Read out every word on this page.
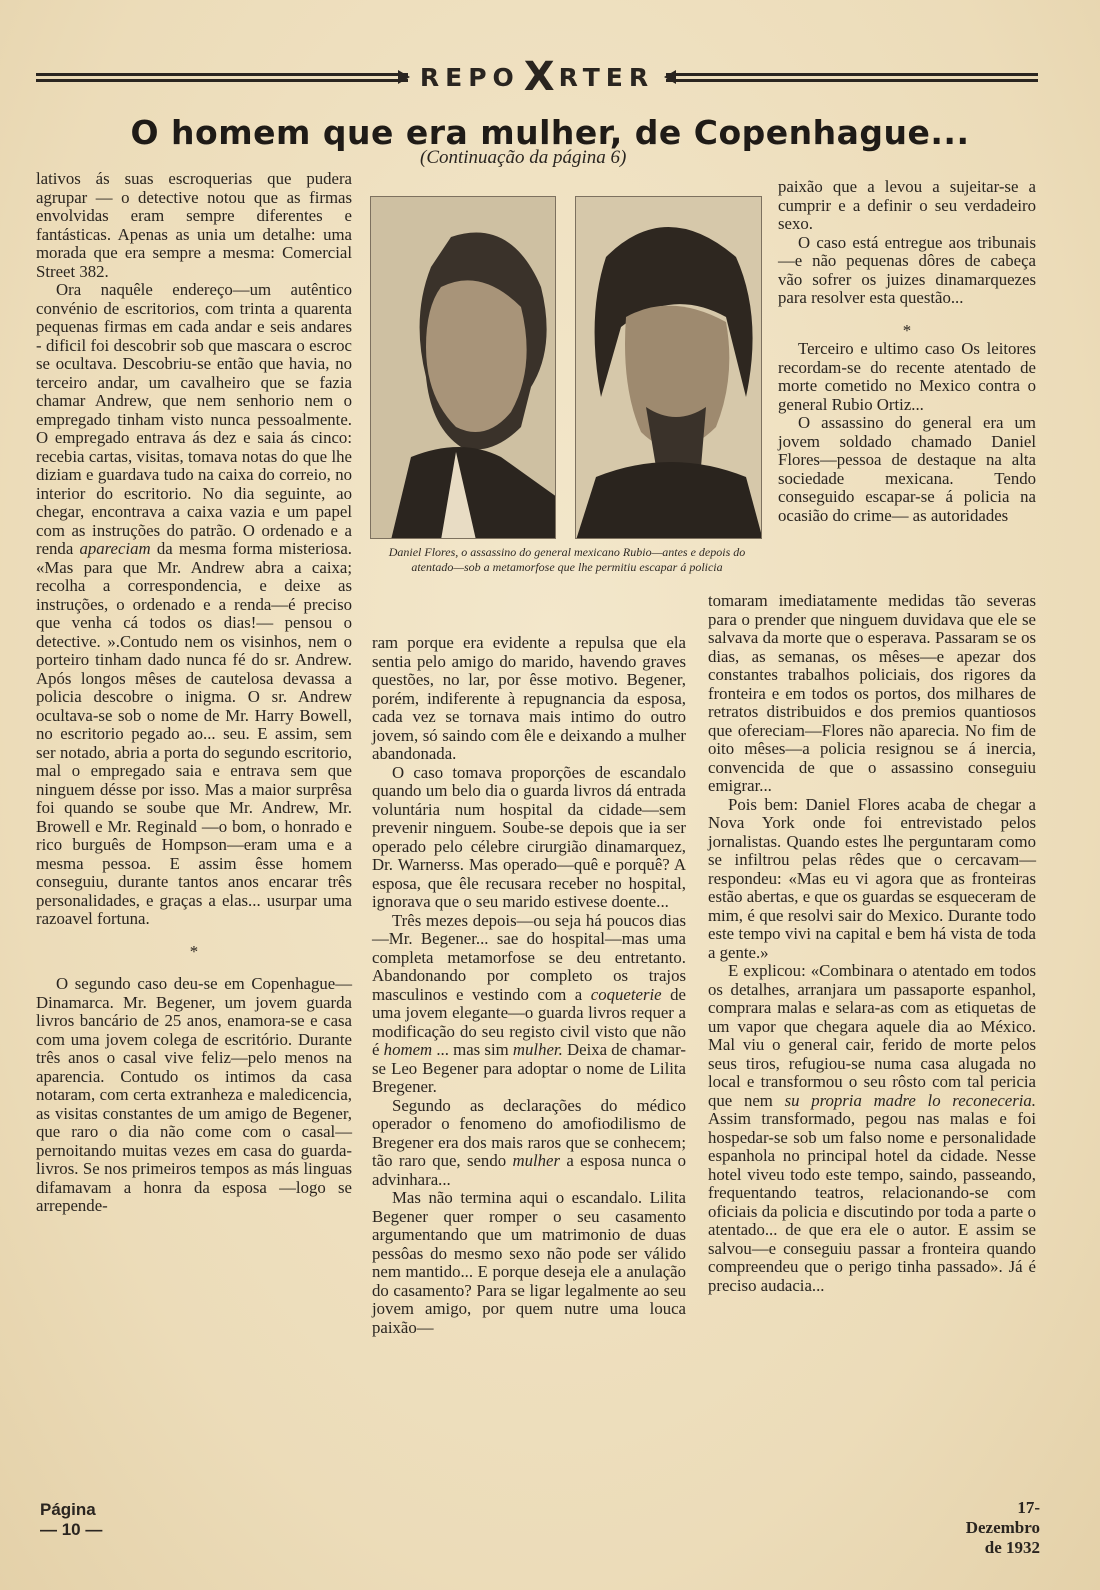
REPO X RTER
O homem que era mulher, de Copenhague...
(Continuação da página 6)

lativos ás suas escroquerias que pudera agrupar — o detective notou que as firmas envolvidas eram sempre diferentes e fantásticas. Apenas as unia um detalhe: uma morada que era sempre a mesma: Comercial Street 382.

Ora naquêle endereço—um autêntico convénio de escritorios, com trinta a quarenta pequenas firmas em cada andar e seis andares - dificil foi descobrir sob que mascara o escroc se ocultava. Descobriu-se então que havia, no terceiro andar, um cavalheiro que se fazia chamar Andrew, que nem senhorio nem o empregado tinham visto nunca pessoalmente. O empregado entrava ás dez e saia ás cinco: recebia cartas, visitas, tomava notas do que lhe diziam e guardava tudo na caixa do correio, no interior do escritorio. No dia seguinte, ao chegar, encontrava a caixa vazia e um papel com as instruções do patrão. O ordenado e a renda apareciam da mesma forma misteriosa. «Mas para que Mr. Andrew abra a caixa; recolha a correspondencia, e deixe as instruções, o ordenado e a renda—é preciso que venha cá todos os dias!— pensou o detective. ».Contudo nem os visinhos, nem o porteiro tinham dado nunca fé do sr. Andrew. Após longos mêses de cautelosa devassa a policia descobre o inigma. O sr. Andrew ocultava-se sob o nome de Mr. Harry Bowell, no escritorio pegado ao... seu. E assim, sem ser notado, abria a porta do segundo escritorio, mal o empregado saia e entrava sem que ninguem désse por isso. Mas a maior surprêsa foi quando se soube que Mr. Andrew, Mr. Browell e Mr. Reginald —o bom, o honrado e rico burguês de Hompson—eram uma e a mesma pessoa. E assim êsse homem conseguiu, durante tantos anos encarar três personalidades, e graças a elas... usurpar uma razoavel fortuna.

*

O segundo caso deu-se em Copenhague—Dinamarca. Mr. Begener, um jovem guarda livros bancário de 25 anos, enamora-se e casa com uma jovem colega de escritório. Durante três anos o casal vive feliz—pelo menos na aparencia. Contudo os intimos da casa notaram, com certa extranheza e maledicencia, as visitas constantes de um amigo de Begener, que raro o dia não come com o casal—pernoitando muitas vezes em casa do guarda-livros. Se nos primeiros tempos as más linguas difamavam a honra da esposa —logo se arrepende-

Daniel Flores, o assassino do general mexicano Rubio—antes e depois do atentado—sob a metamorfose que lhe permitiu escapar á policia

ram porque era evidente a repulsa que ela sentia pelo amigo do marido, havendo graves questões, no lar, por êsse motivo. Begener, porém, indiferente à repugnancia da esposa, cada vez se tornava mais intimo do outro jovem, só saindo com êle e deixando a mulher abandonada.

O caso tomava proporções de escandalo quando um belo dia o guarda livros dá entrada voluntária num hospital da cidade—sem prevenir ninguem. Soube-se depois que ia ser operado pelo célebre cirurgião dinamarquez, Dr. Warnerss. Mas operado—quê e porquê? A esposa, que êle recusara receber no hospital, ignorava que o seu marido estivese doente...

Três mezes depois—ou seja há poucos dias—Mr. Begener... sae do hospital—mas uma completa metamorfose se deu entretanto. Abandonando por completo os trajos masculinos e vestindo com a coqueterie de uma jovem elegante—o guarda livros requer a modificação do seu registo civil visto que não é homem ... mas sim mulher. Deixa de chamar-se Leo Begener para adoptar o nome de Lilita Bregener.

Segundo as declarações do médico operador o fenomeno do amofiodilismo de Bregener era dos mais raros que se conhecem; tão raro que, sendo mulher a esposa nunca o advinhara...

Mas não termina aqui o escandalo. Lilita Begener quer romper o seu casamento argumentando que um matrimonio de duas pessôas do mesmo sexo não pode ser válido nem mantido... E porque deseja ele a anulação do casamento? Para se ligar legalmente ao seu jovem amigo, por quem nutre uma louca paixão—

paixão que a levou a sujeitar-se a cumprir e a definir o seu verdadeiro sexo.

O caso está entregue aos tribunais —e não pequenas dôres de cabeça vão sofrer os juizes dinamarquezes para resolver esta questão...

*

Terceiro e ultimo caso Os leitores recordam-se do recente atentado de morte cometido no Mexico contra o general Rubio Ortiz...

O assassino do general era um jovem soldado chamado Daniel Flores—pessoa de destaque na alta sociedade mexicana. Tendo conseguido escapar-se á policia na ocasião do crime— as autoridades

tomaram imediatamente medidas tão severas para o prender que ninguem duvidava que ele se salvava da morte que o esperava. Passaram se os dias, as semanas, os mêses—e apezar dos constantes trabalhos policiais, dos rigores da fronteira e em todos os portos, dos milhares de retratos distribuidos e dos premios quantiosos que ofereciam—Flores não aparecia. No fim de oito mêses—a policia resignou se á inercia, convencida de que o assassino conseguiu emigrar...

Pois bem: Daniel Flores acaba de chegar a Nova York onde foi entrevistado pelos jornalistas. Quando estes lhe perguntaram como se infiltrou pelas rêdes que o cercavam— respondeu: «Mas eu vi agora que as fronteiras estão abertas, e que os guardas se esqueceram de mim, é que resolvi sair do Mexico. Durante todo este tempo vivi na capital e bem há vista de toda a gente.»

E explicou: «Combinara o atentado em todos os detalhes, arranjara um passaporte espanhol, comprara malas e selara-as com as etiquetas de um vapor que chegara aquele dia ao México. Mal viu o general cair, ferido de morte pelos seus tiros, refugiou-se numa casa alugada no local e transformou o seu rôsto com tal pericia que nem su propria madre lo reconeceria. Assim transformado, pegou nas malas e foi hospedar-se sob um falso nome e personalidade espanhola no principal hotel da cidade. Nesse hotel viveu todo este tempo, saindo, passeando, frequentando teatros, relacionando-se com oficiais da policia e discutindo por toda a parte o atentado... de que era ele o autor. E assim se salvou—e conseguiu passar a fronteira quando compreendeu que o perigo tinha passado». Já é preciso audacia...

Página
— 10 —
17- Dezembro de 1932
